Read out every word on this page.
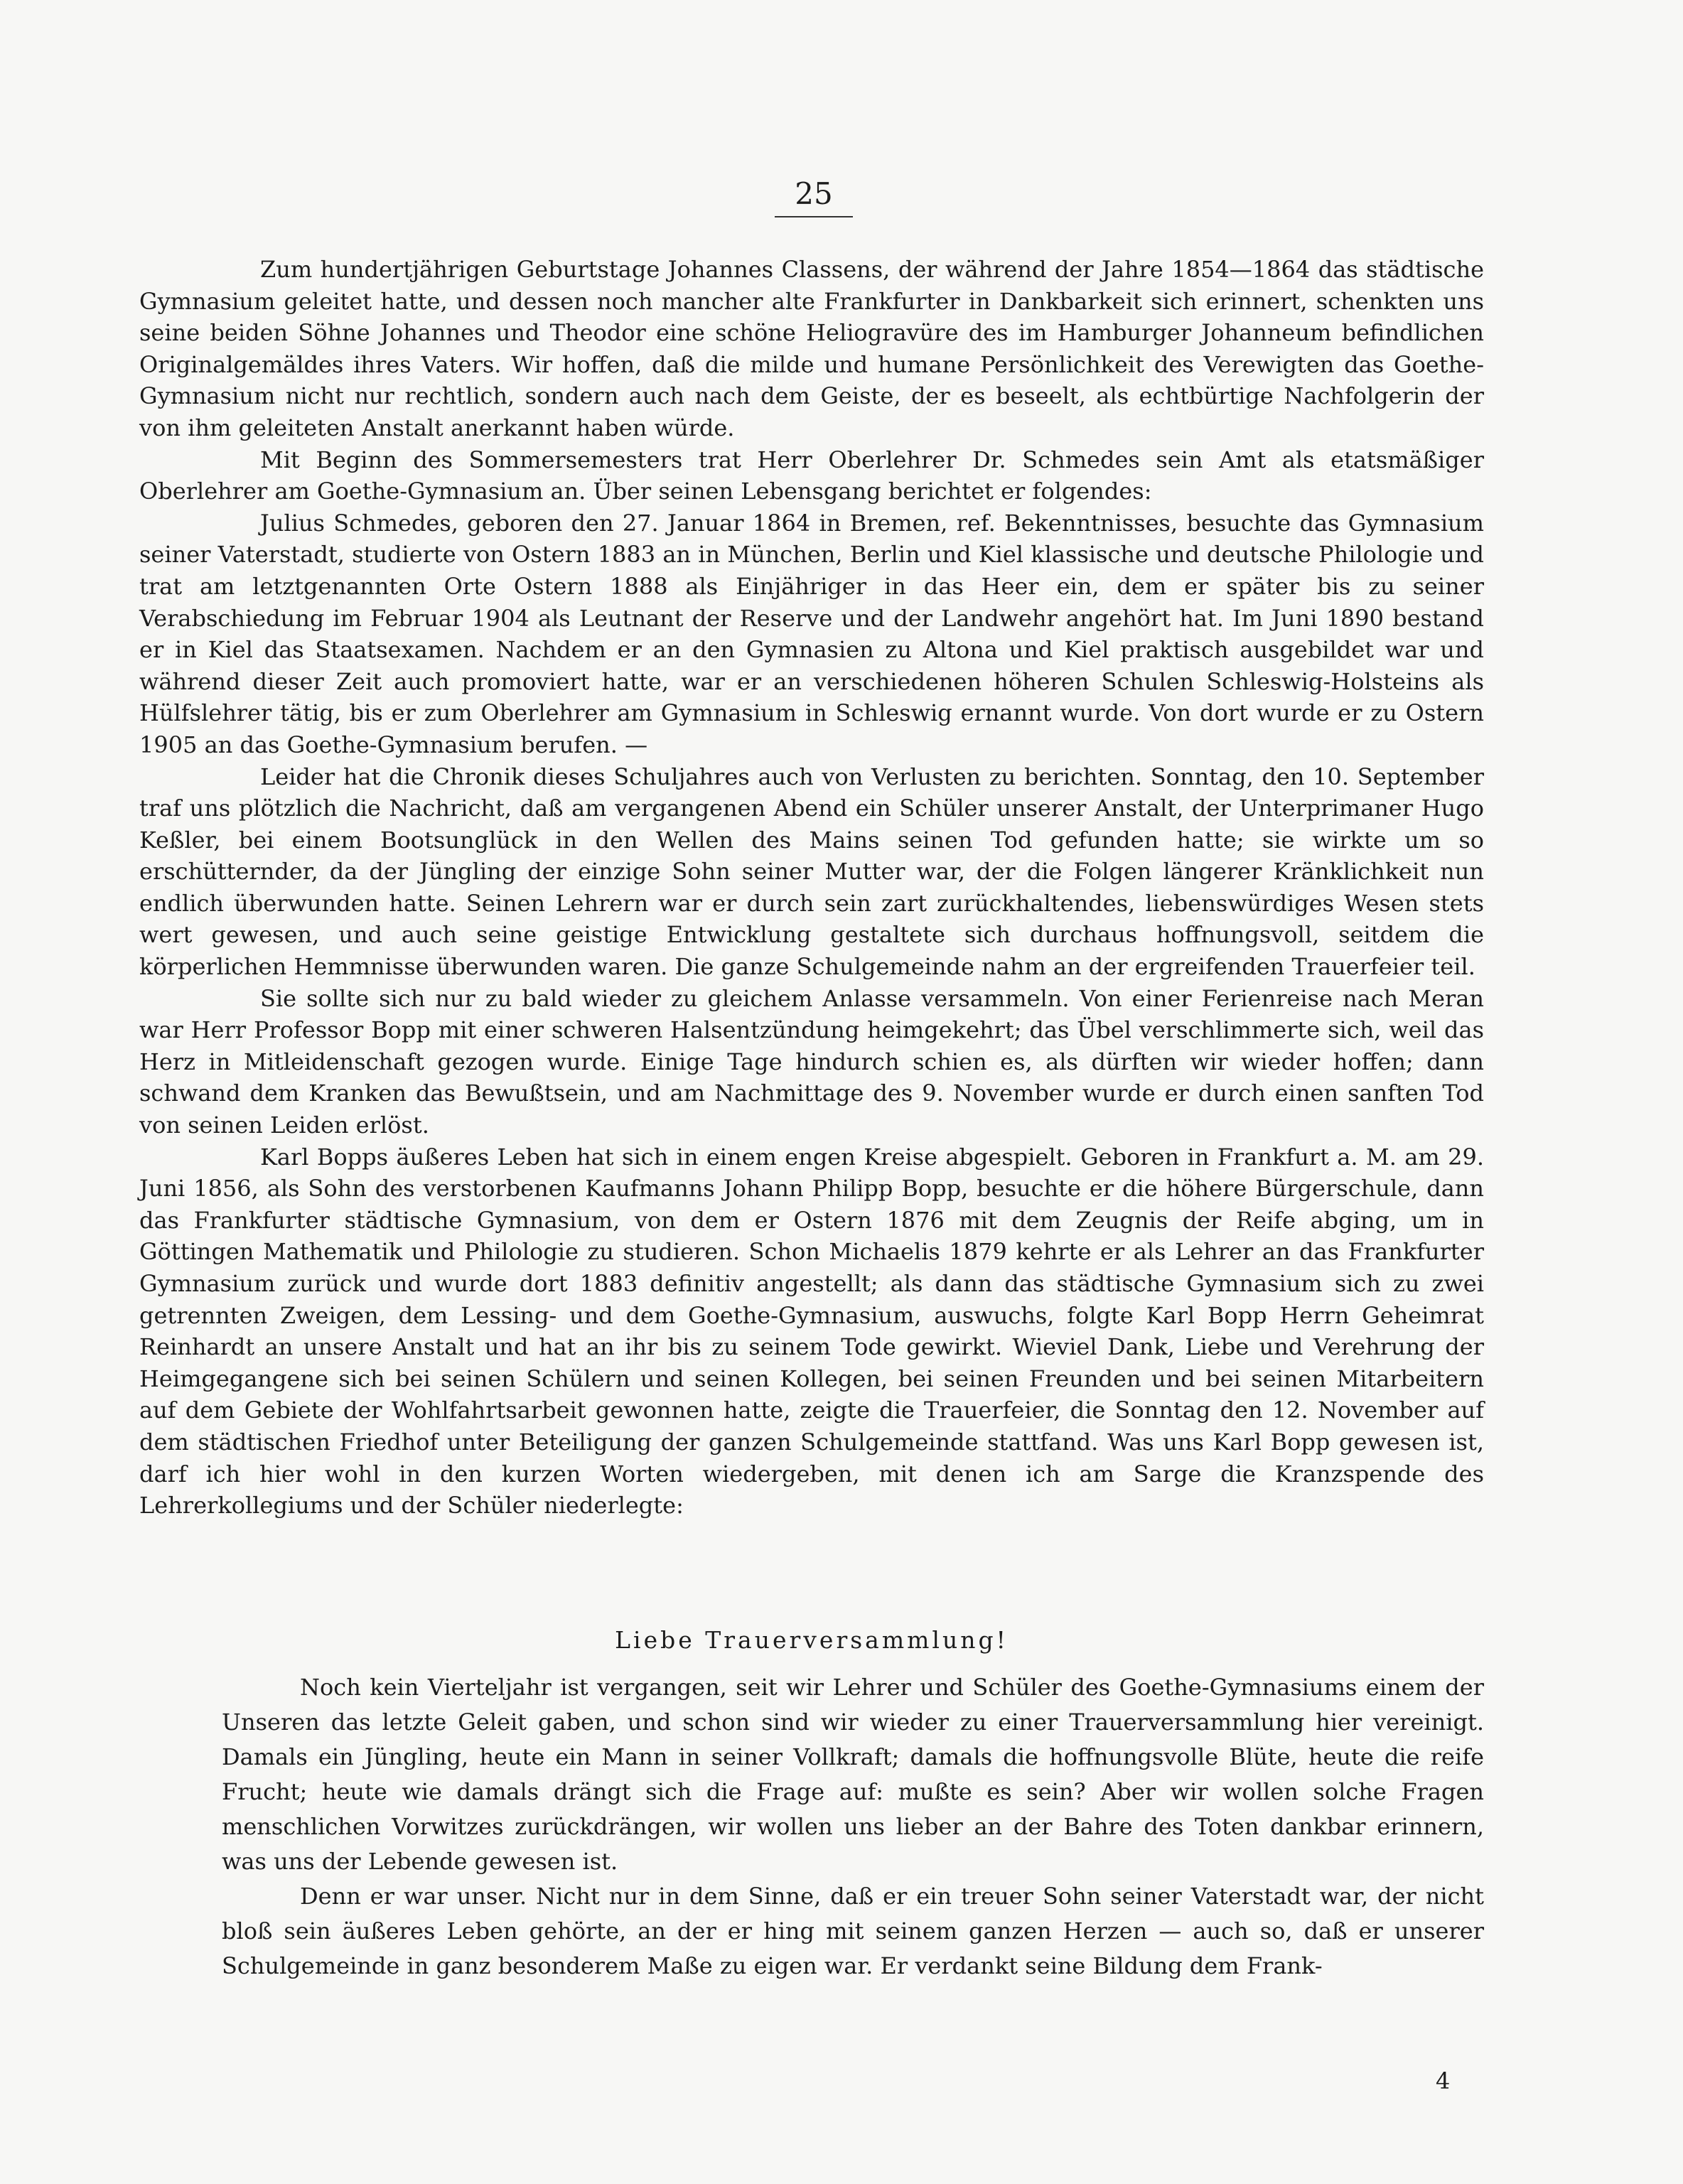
25

Zum hundertjährigen Geburtstage Johannes Classens, der während der Jahre 1854—1864 das städtische Gymnasium geleitet hatte, und dessen noch mancher alte Frankfurter in Dankbarkeit sich erinnert, schenkten uns seine beiden Söhne Johannes und Theodor eine schöne Heliogravüre des im Hamburger Johanneum befindlichen Originalgemäldes ihres Vaters. Wir hoffen, daß die milde und humane Persönlichkeit des Verewigten das Goethe-Gymnasium nicht nur rechtlich, sondern auch nach dem Geiste, der es beseelt, als echtbürtige Nachfolgerin der von ihm geleiteten Anstalt anerkannt haben würde.

Mit Beginn des Sommersemesters trat Herr Oberlehrer Dr. Schmedes sein Amt als etatsmäßiger Oberlehrer am Goethe-Gymnasium an. Über seinen Lebensgang berichtet er folgendes:

Julius Schmedes, geboren den 27. Januar 1864 in Bremen, ref. Bekenntnisses, besuchte das Gymnasium seiner Vaterstadt, studierte von Ostern 1883 an in München, Berlin und Kiel klassische und deutsche Philologie und trat am letztgenannten Orte Ostern 1888 als Einjähriger in das Heer ein, dem er später bis zu seiner Verabschiedung im Februar 1904 als Leutnant der Reserve und der Landwehr angehört hat. Im Juni 1890 bestand er in Kiel das Staatsexamen. Nachdem er an den Gymnasien zu Altona und Kiel praktisch ausgebildet war und während dieser Zeit auch promoviert hatte, war er an verschiedenen höheren Schulen Schleswig-Holsteins als Hülfslehrer tätig, bis er zum Oberlehrer am Gymnasium in Schleswig ernannt wurde. Von dort wurde er zu Ostern 1905 an das Goethe-Gymnasium berufen. —

Leider hat die Chronik dieses Schuljahres auch von Verlusten zu berichten. Sonntag, den 10. September traf uns plötzlich die Nachricht, daß am vergangenen Abend ein Schüler unserer Anstalt, der Unterprimaner Hugo Keßler, bei einem Bootsunglück in den Wellen des Mains seinen Tod gefunden hatte; sie wirkte um so erschütternder, da der Jüngling der einzige Sohn seiner Mutter war, der die Folgen längerer Kränklichkeit nun endlich überwunden hatte. Seinen Lehrern war er durch sein zart zurückhaltendes, liebenswürdiges Wesen stets wert gewesen, und auch seine geistige Entwicklung gestaltete sich durchaus hoffnungsvoll, seitdem die körperlichen Hemmnisse überwunden waren. Die ganze Schulgemeinde nahm an der ergreifenden Trauerfeier teil.

Sie sollte sich nur zu bald wieder zu gleichem Anlasse versammeln. Von einer Ferienreise nach Meran war Herr Professor Bopp mit einer schweren Halsentzündung heimgekehrt; das Übel verschlimmerte sich, weil das Herz in Mitleidenschaft gezogen wurde. Einige Tage hindurch schien es, als dürften wir wieder hoffen; dann schwand dem Kranken das Bewußtsein, und am Nachmittage des 9. November wurde er durch einen sanften Tod von seinen Leiden erlöst.

Karl Bopps äußeres Leben hat sich in einem engen Kreise abgespielt. Geboren in Frankfurt a. M. am 29. Juni 1856, als Sohn des verstorbenen Kaufmanns Johann Philipp Bopp, besuchte er die höhere Bürgerschule, dann das Frankfurter städtische Gymnasium, von dem er Ostern 1876 mit dem Zeugnis der Reife abging, um in Göttingen Mathematik und Philologie zu studieren. Schon Michaelis 1879 kehrte er als Lehrer an das Frankfurter Gymnasium zurück und wurde dort 1883 definitiv angestellt; als dann das städtische Gymnasium sich zu zwei getrennten Zweigen, dem Lessing- und dem Goethe-Gymnasium, auswuchs, folgte Karl Bopp Herrn Geheimrat Reinhardt an unsere Anstalt und hat an ihr bis zu seinem Tode gewirkt. Wieviel Dank, Liebe und Verehrung der Heimgegangene sich bei seinen Schülern und seinen Kollegen, bei seinen Freunden und bei seinen Mitarbeitern auf dem Gebiete der Wohlfahrtsarbeit gewonnen hatte, zeigte die Trauerfeier, die Sonntag den 12. November auf dem städtischen Friedhof unter Beteiligung der ganzen Schulgemeinde stattfand. Was uns Karl Bopp gewesen ist, darf ich hier wohl in den kurzen Worten wiedergeben, mit denen ich am Sarge die Kranzspende des Lehrerkollegiums und der Schüler niederlegte:

Liebe Trauerversammlung!

Noch kein Vierteljahr ist vergangen, seit wir Lehrer und Schüler des Goethe-Gymnasiums einem der Unseren das letzte Geleit gaben, und schon sind wir wieder zu einer Trauerversammlung hier vereinigt. Damals ein Jüngling, heute ein Mann in seiner Vollkraft; damals die hoffnungsvolle Blüte, heute die reife Frucht; heute wie damals drängt sich die Frage auf: mußte es sein? Aber wir wollen solche Fragen menschlichen Vorwitzes zurückdrängen, wir wollen uns lieber an der Bahre des Toten dankbar erinnern, was uns der Lebende gewesen ist.

Denn er war unser. Nicht nur in dem Sinne, daß er ein treuer Sohn seiner Vaterstadt war, der nicht bloß sein äußeres Leben gehörte, an der er hing mit seinem ganzen Herzen — auch so, daß er unserer Schulgemeinde in ganz besonderem Maße zu eigen war. Er verdankt seine Bildung dem Frank-

4
